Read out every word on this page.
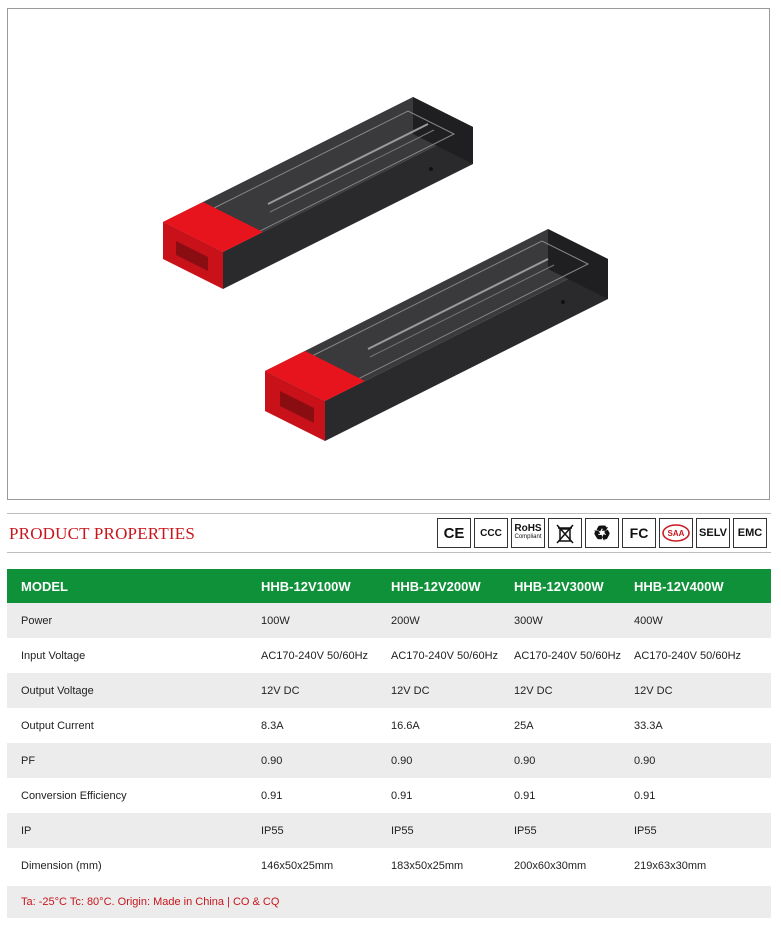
PRODUCT PROPERTIES	CE	CCC	RoHS
Compliant	♻	FC	SAA SELV EMC
MODEL	HHB-12V100W	HHB-12V200W	HHB-12V300W	HHB-12V400W
Power	100W	200W	300W	400W
Input Voltage	AC170-240V 50/60Hz	AC170-240V 50/60Hz	AC170-240V 50/60Hz	AC170-240V 50/60Hz
Output Voltage	12V DC	12V DC	12V DC	12V DC
Output Current	8.3A	16.6A	25A	33.3A
PF	0.90	0.90	0.90	0.90
Conversion Efficiency	0.91	0.91	0.91	0.91
IP	IP55	IP55	IP55	IP55
Dimension (mm)	146x50x25mm	183x50x25mm	200x60x30mm	219x63x30mm
Ta: -25°C Tc: 80°C. Origin: Made in China | CO & CQ
